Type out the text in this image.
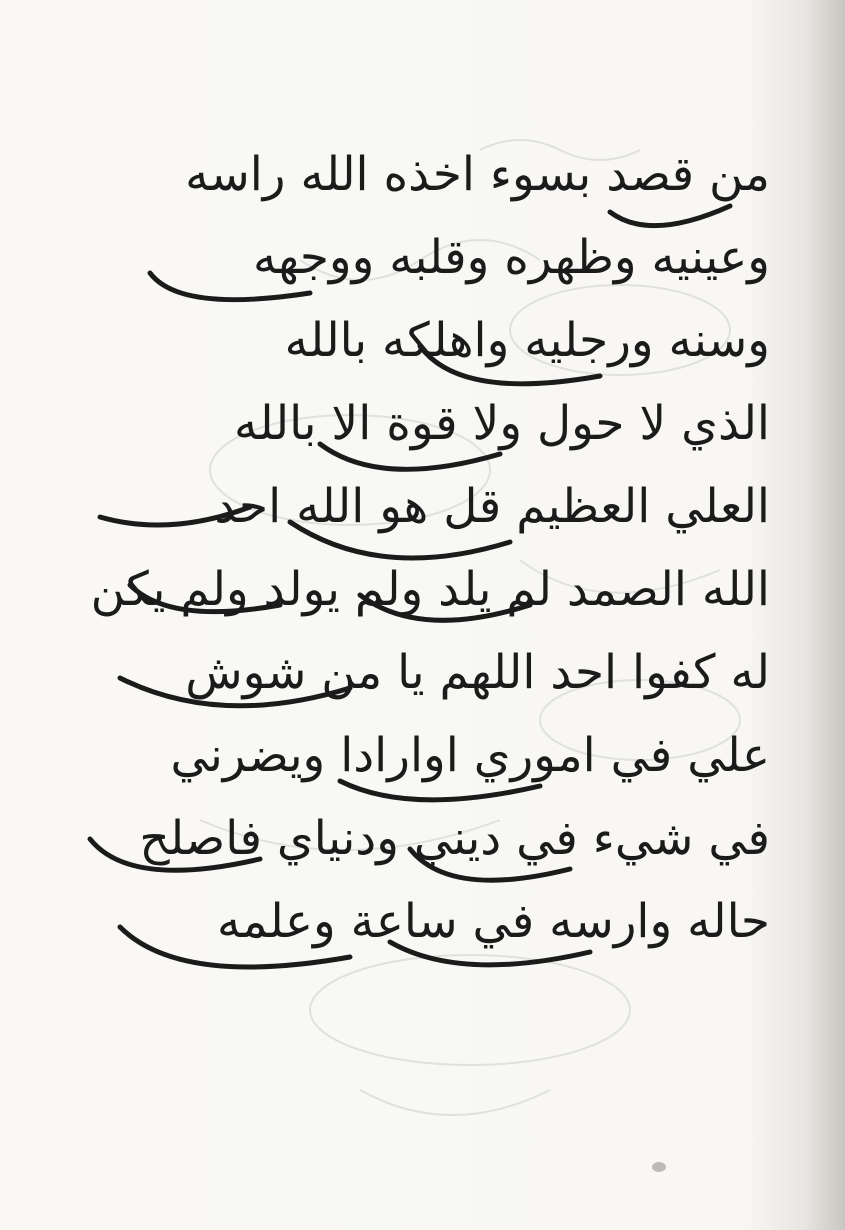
من قصد بسوء اخذه الله راسه
وعينيه وظهره وقلبه ووجهه
وسنه ورجليه واهلكه بالله
الذي لا حول ولا قوة الا بالله
العلي العظيم قل هو الله احد
الله الصمد لم يلد ولم يولد ولم يكن
له كفوا احد اللهم يا من شوش
علي في اموري اوارادا ويضرني
في شيء في ديني ودنياي فاصلح
حاله وارسه في ساعة وعلمه
